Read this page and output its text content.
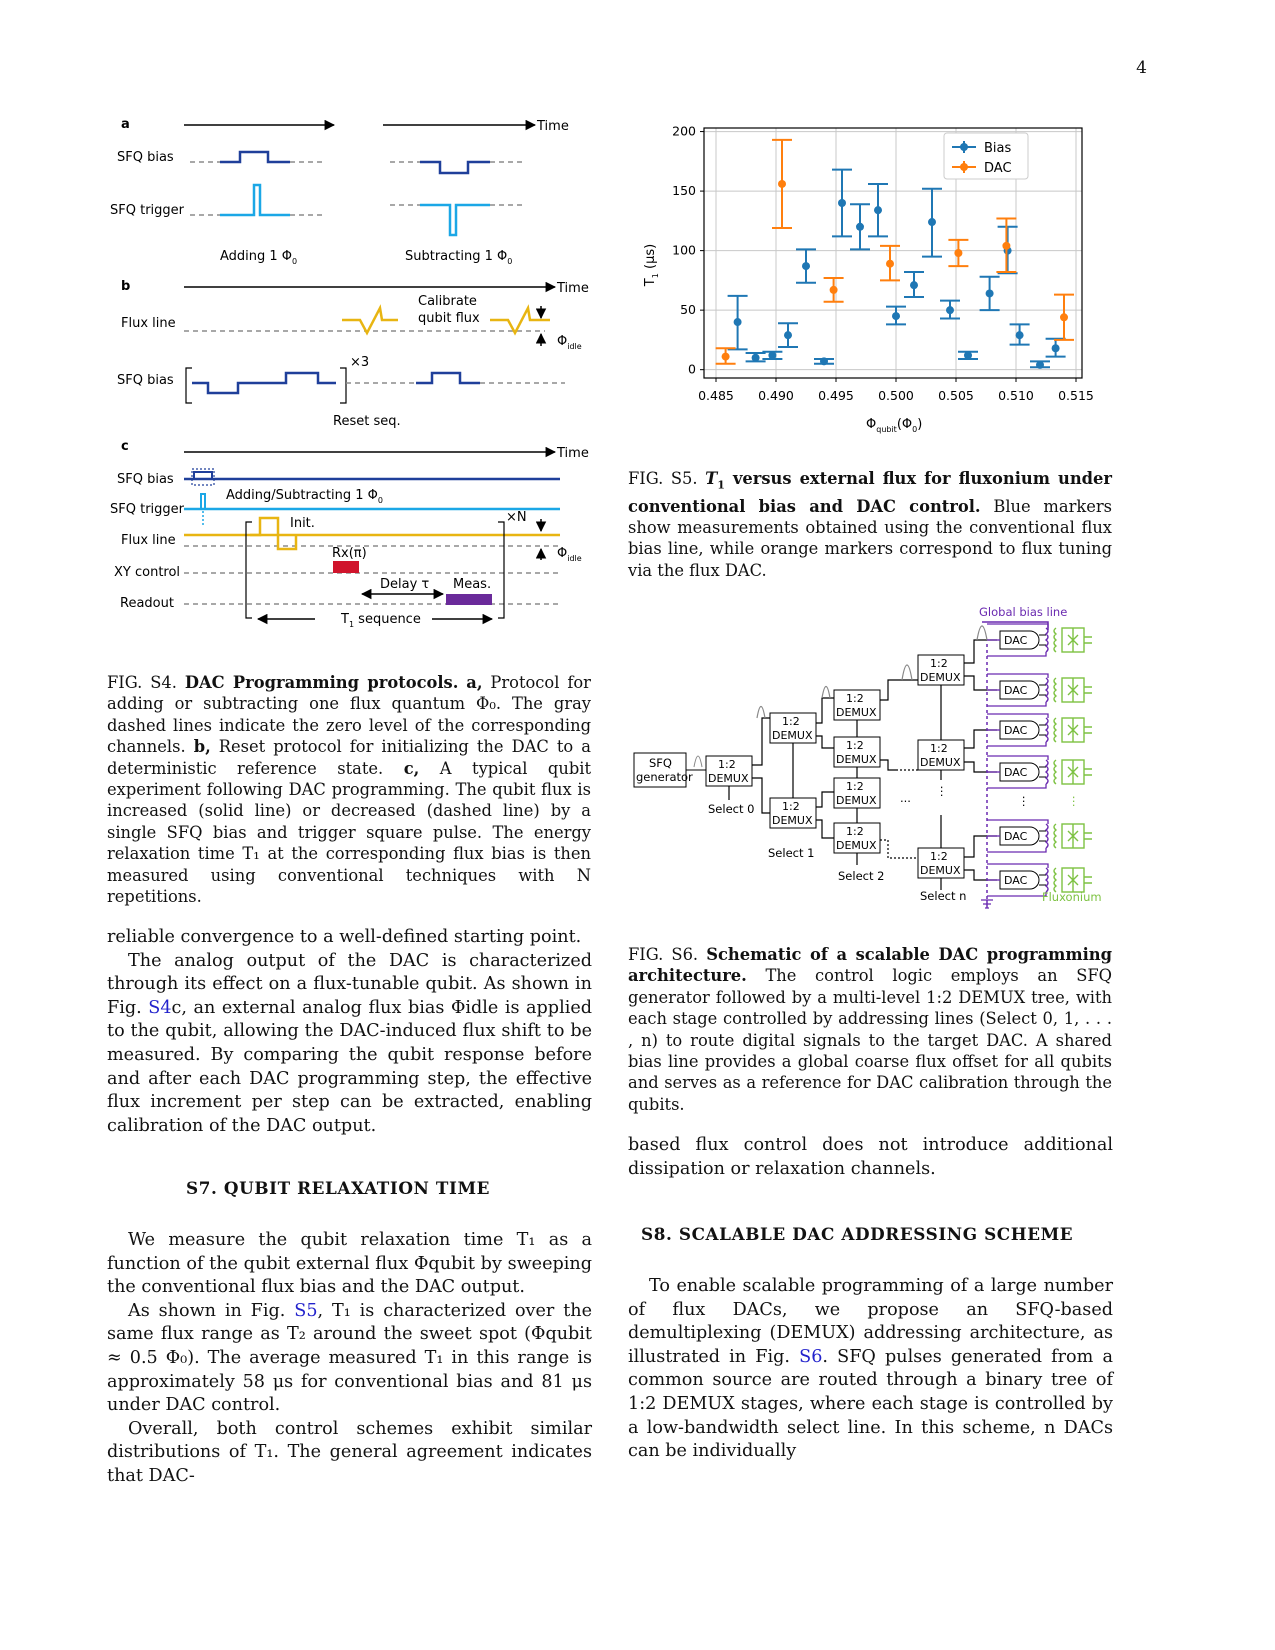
4
a	Time
SFQ bias
SFQ trigger
Adding 1 $\Phi_0$	Subtracting 1 $\Phi_0$
b	Time
Flux line
Calibrate
qubit flux
$\Phi_{idle}$
SFQ bias
×3
Reset seq.
c	Time
SFQ bias
Adding/Subtracting 1 $\Phi_0$
SFQ trigger
Flux line
Init.	×N
$\Phi_{idle}$
Rx(π)
XY control
Delay τ Meas.
Readout
$T_1$ sequence
FIG. S4. DAC Programming protocols. a, Protocol for adding or subtracting one flux quantum Φ₀. The gray dashed lines indicate the zero level of the corresponding channels. b, Reset protocol for initializing the DAC to a deterministic reference state. c, A typical qubit experiment following DAC programming. The qubit flux is increased (solid line) or decreased (dashed line) by a single SFQ bias and trigger square pulse. The energy relaxation time T₁ at the corresponding flux bias is then measured using conventional techniques with N repetitions.
0.485 0.490 0.495 0.500 0.505 0.510 0.515
0
50
100
150
200
Bias
DAC
$T_1$ (μs)
$\Phi_{qubit}(\Phi_0)$
FIG. S5. $T_1$ versus external flux for fluxonium under conventional bias and DAC control. Blue markers show measurements obtained using the conventional flux bias line, while orange markers correspond to flux tuning via the flux DAC.
Global bias line
SFQ
generator
1:2
DEMUX
1:2
DEMUX
1:2
DEMUX
1:2
DEMUX
1:2
DEMUX
1:2
DEMUX
1:2
DEMUX
1:2
DEMUX
1:2
DEMUX
1:2
DEMUX
DAC
DAC
DAC
DAC
DAC
DAC
Select 0
Select 1
Select 2
Select n
... ⋮
⋮	⋮
Fluxonium
FIG. S6. Schematic of a scalable DAC programming architecture. The control logic employs an SFQ generator followed by a multi-level 1:2 DEMUX tree, with each stage controlled by addressing lines (Select 0, 1, . . . , n) to route digital signals to the target DAC. A shared bias line provides a global coarse flux offset for all qubits and serves as a reference for DAC calibration through the qubits.

reliable convergence to a well-defined starting point.

The analog output of the DAC is characterized through its effect on a flux-tunable qubit. As shown in Fig. S4c, an external analog flux bias Φidle is applied to the qubit, allowing the DAC-induced flux shift to be measured. By comparing the qubit response before and after each DAC programming step, the effective flux increment per step can be extracted, enabling calibration of the DAC output.

S7. QUBIT RELAXATION TIME

We measure the qubit relaxation time T₁ as a function of the qubit external flux Φqubit by sweeping the conventional flux bias and the DAC output.

As shown in Fig. S5, T₁ is characterized over the same flux range as T₂ around the sweet spot (Φqubit ≈ 0.5 Φ₀). The average measured T₁ in this range is approximately 58 μs for conventional bias and 81 μs under DAC control.

Overall, both control schemes exhibit similar distributions of T₁. The general agreement indicates that DAC-

based flux control does not introduce additional dissipation or relaxation channels.

S8. SCALABLE DAC ADDRESSING SCHEME

To enable scalable programming of a large number of flux DACs, we propose an SFQ-based demultiplexing (DEMUX) addressing architecture, as illustrated in Fig. S6. SFQ pulses generated from a common source are routed through a binary tree of 1:2 DEMUX stages, where each stage is controlled by a low-bandwidth select line. In this scheme, n DACs can be individually
